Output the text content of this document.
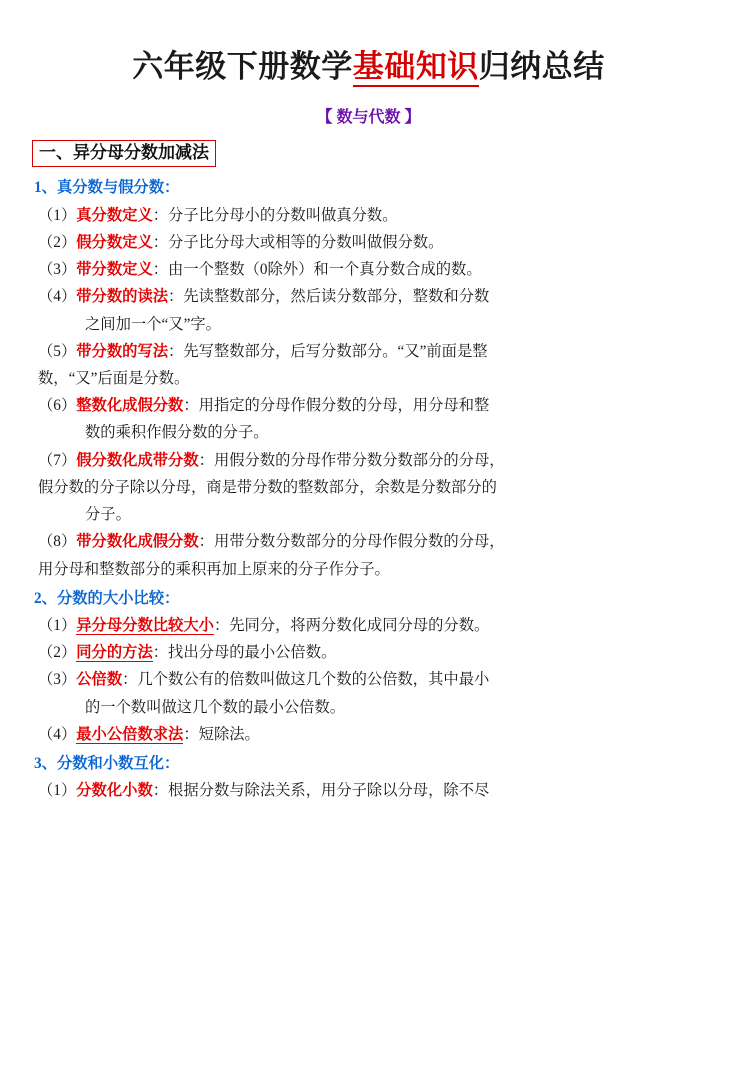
六年级下册数学基础知识归纳总结
【 数与代数 】
一、异分母分数加减法
1、真分数与假分数：
（1）真分数定义：分子比分母小的分数叫做真分数。
（2）假分数定义：分子比分母大或相等的分数叫做假分数。
（3）带分数定义：由一个整数（0除外）和一个真分数合成的数。
（4）带分数的读法：先读整数部分，然后读分数部分，整数和分数
之间加一个“又”字。
（5）带分数的写法：先写整数部分，后写分数部分。“又”前面是整
数，“又”后面是分数。
（6）整数化成假分数：用指定的分母作假分数的分母，用分母和整
数的乘积作假分数的分子。
（7）假分数化成带分数：用假分数的分母作带分数分数部分的分母，
假分数的分子除以分母，商是带分数的整数部分，余数是分数部分的
分子。
（8）带分数化成假分数：用带分数分数部分的分母作假分数的分母，
用分母和整数部分的乘积再加上原来的分子作分子。
2、分数的大小比较：
（1）异分母分数比较大小：先同分，将两分数化成同分母的分数。
（2）同分的方法：找出分母的最小公倍数。
（3）公倍数：几个数公有的倍数叫做这几个数的公倍数，其中最小
的一个数叫做这几个数的最小公倍数。
（4）最小公倍数求法：短除法。
3、分数和小数互化：
（1）分数化小数：根据分数与除法关系，用分子除以分母，除不尽
